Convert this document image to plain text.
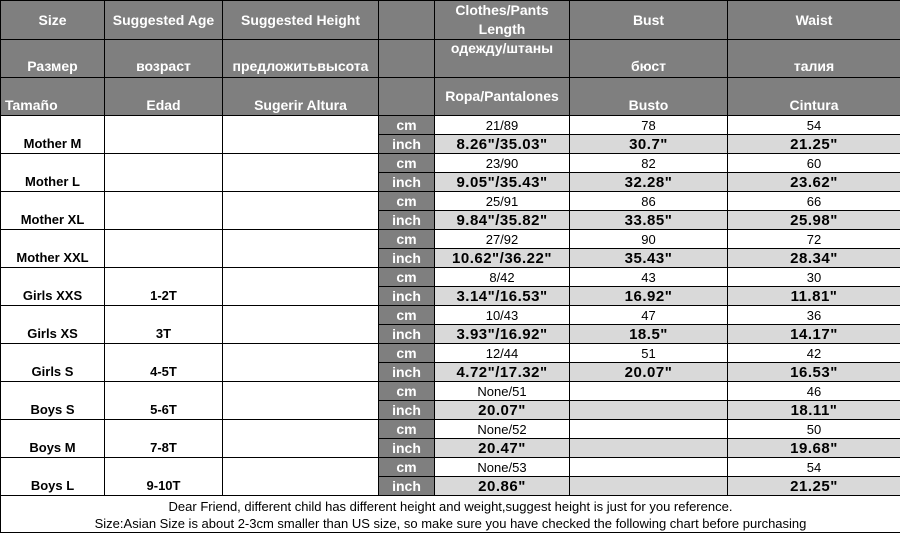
Size	Suggested Age	Suggested Height		Clothes/Pants Length	Bust	Waist
Размер	возраст	предложитьвысота		одежду/штаны	бюст	талия
Tamaño	Edad	Sugerir Altura		Ropa/Pantalones	Busto	Cintura
Mother M			cm	21/89	78	54
			inch	8.26"/35.03"	30.7"	21.25"
Mother L			cm	23/90	82	60
			inch	9.05"/35.43"	32.28"	23.62"
Mother XL			cm	25/91	86	66
			inch	9.84"/35.82"	33.85"	25.98"
Mother XXL			cm	27/92	90	72
			inch	10.62"/36.22"	35.43"	28.34"
Girls XXS	1-2T		cm	8/42	43	30
			inch	3.14"/16.53"	16.92"	11.81"
Girls XS	3T		cm	10/43	47	36
			inch	3.93"/16.92"	18.5"	14.17"
Girls S	4-5T		cm	12/44	51	42
			inch	4.72"/17.32"	20.07"	16.53"
Boys S	5-6T		cm	None/51		46
			inch	20.07"		18.11"
Boys M	7-8T		cm	None/52		50
			inch	20.47"		19.68"
Boys L	9-10T		cm	None/53		54
			inch	20.86"		21.25"

Dear Friend, different child has different height and weight,suggest height is just for you reference.
Size:Asian Size is about 2-3cm smaller than US size, so make sure you have checked the following chart before purchasing						
